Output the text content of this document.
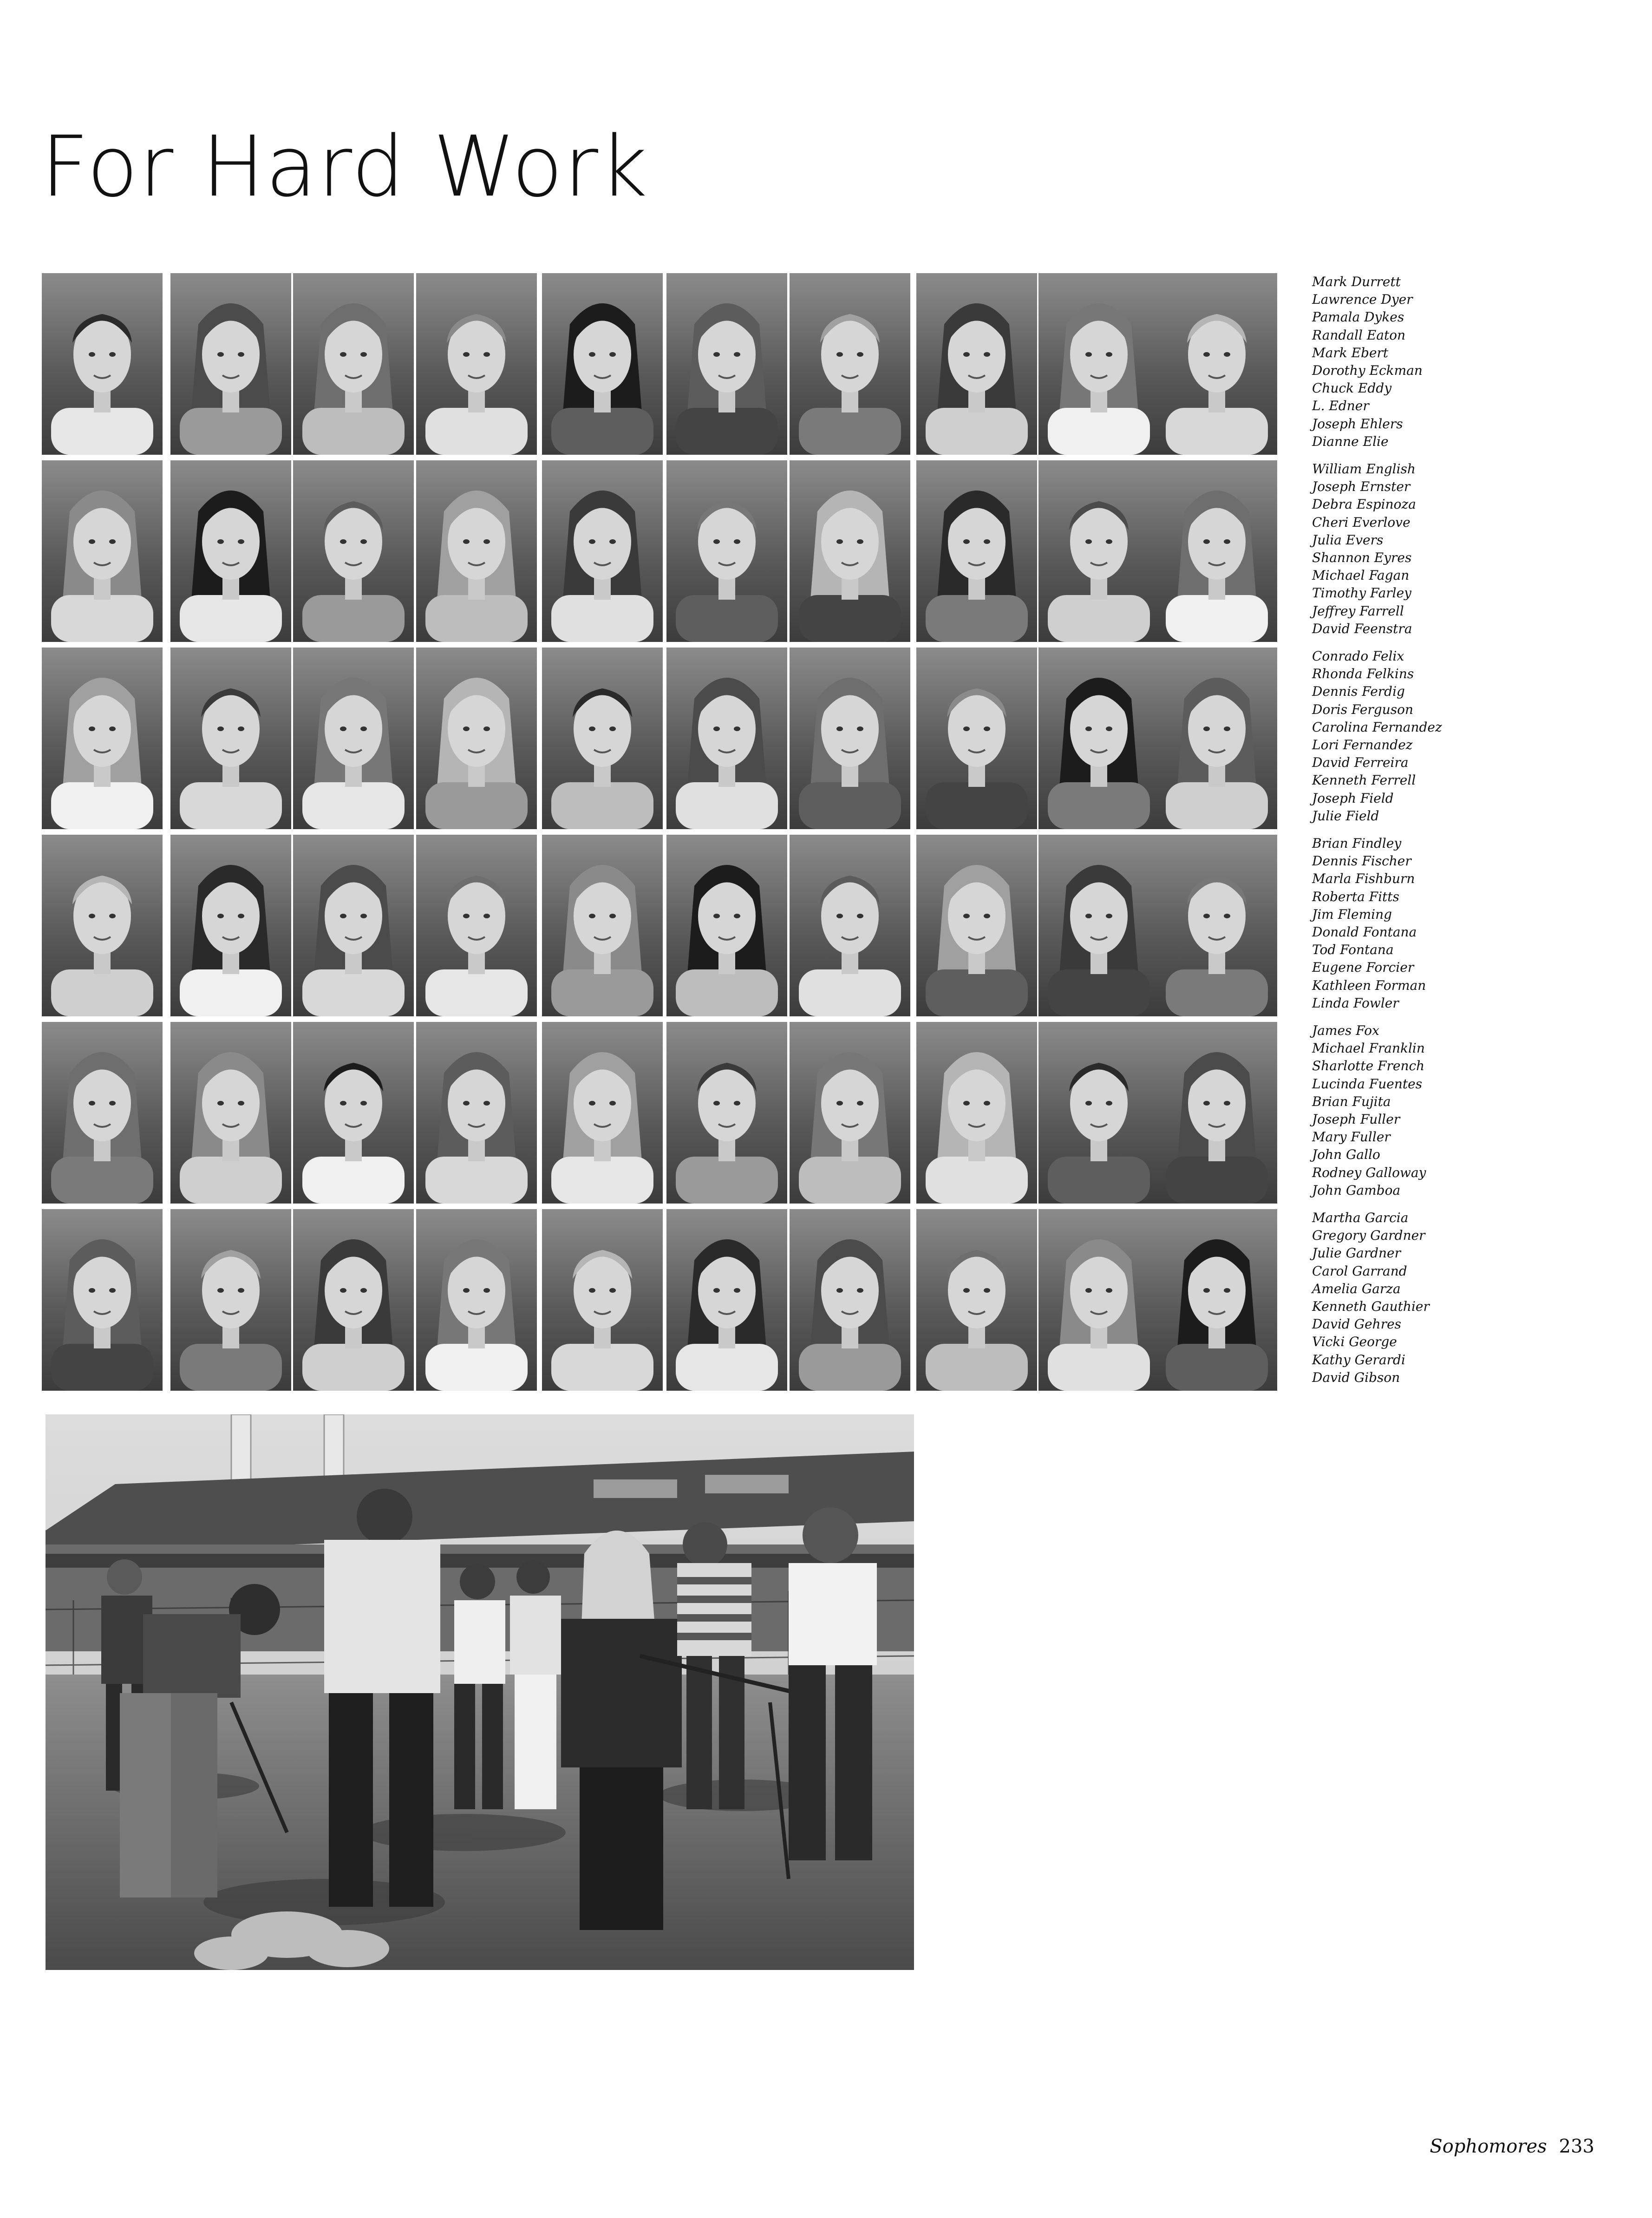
For Hard Work
Mark Durrett
Lawrence Dyer
Pamala Dykes
Randall Eaton
Mark Ebert
Dorothy Eckman
Chuck Eddy
L. Edner
Joseph Ehlers
Dianne Elie
William English
Joseph Ernster
Debra Espinoza
Cheri Everlove
Julia Evers
Shannon Eyres
Michael Fagan
Timothy Farley
Jeffrey Farrell
David Feenstra
Conrado Felix
Rhonda Felkins
Dennis Ferdig
Doris Ferguson
Carolina Fernandez
Lori Fernandez
David Ferreira
Kenneth Ferrell
Joseph Field
Julie Field
Brian Findley
Dennis Fischer
Marla Fishburn
Roberta Fitts
Jim Fleming
Donald Fontana
Tod Fontana
Eugene Forcier
Kathleen Forman
Linda Fowler
James Fox
Michael Franklin
Sharlotte French
Lucinda Fuentes
Brian Fujita
Joseph Fuller
Mary Fuller
John Gallo
Rodney Galloway
John Gamboa
Martha Garcia
Gregory Gardner
Julie Gardner
Carol Garrand
Amelia Garza
Kenneth Gauthier
David Gehres
Vicki George
Kathy Gerardi
David Gibson
Sophomores 233
